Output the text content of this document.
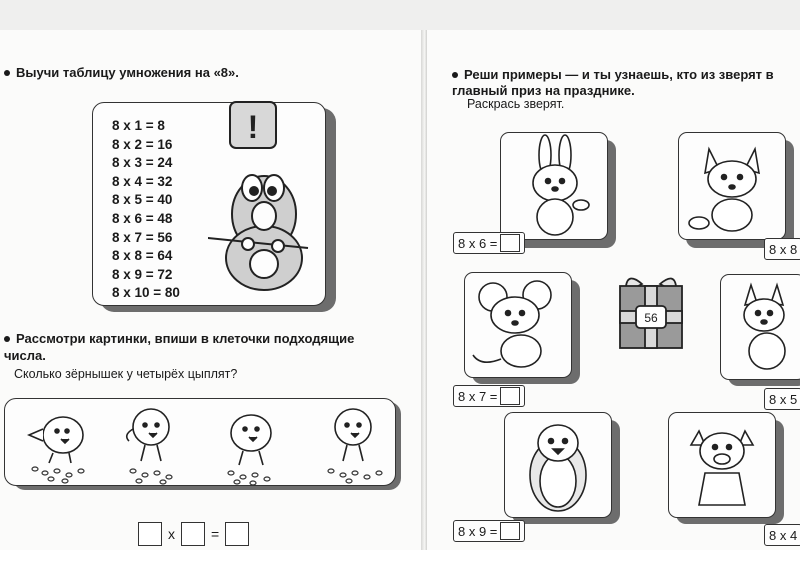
Выучи таблицу умножения на «8».
8 x 1 = 8
8 x 2 = 16
8 x 3 = 24
8 x 4 = 32
8 x 5 = 40
8 x 6 = 48
8 x 7 = 56
8 x 8 = 64
8 x 9 = 72
8 x 10 = 80
!
Рассмотри картинки, впиши в клеточки подходящие
числа.
Сколько зёрнышек у четырёх цыплят?
x	=
Реши примеры — и ты узнаешь, кто из зверят в
главный приз на празднике.
Раскрась зверят.
8 x 6 =	8 x 8
8 x 7 =
56
8 x 5
8 x 9 =	8 x 4
